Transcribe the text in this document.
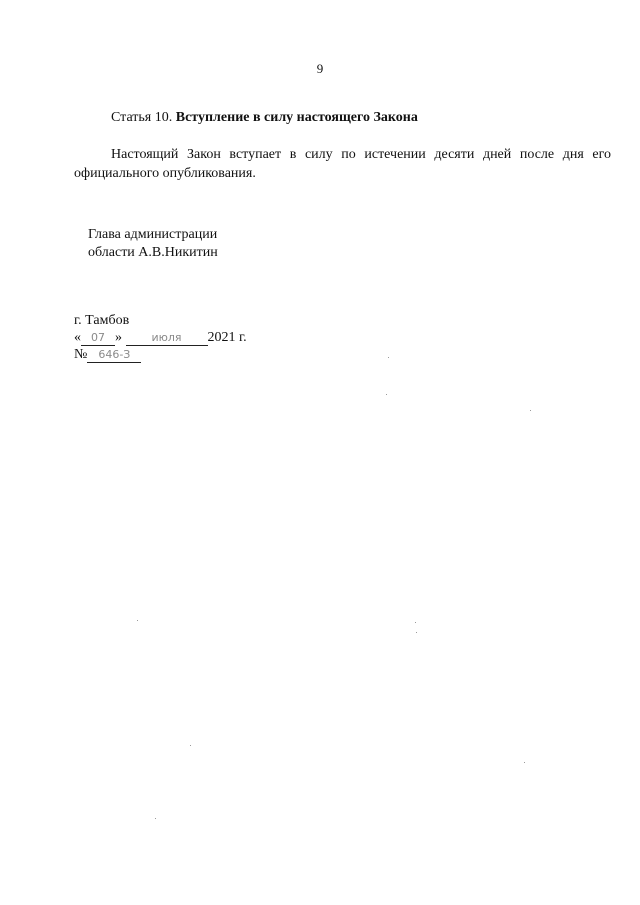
9
Статья 10. Вступление в силу настоящего Закона
Настоящий Закон вступает в силу по истечении десяти дней после дня его официального опубликования.
Глава администрации
области А.В.Никитин
г. Тамбов
« 07 »	июля 2021 г.
№ 646-З
